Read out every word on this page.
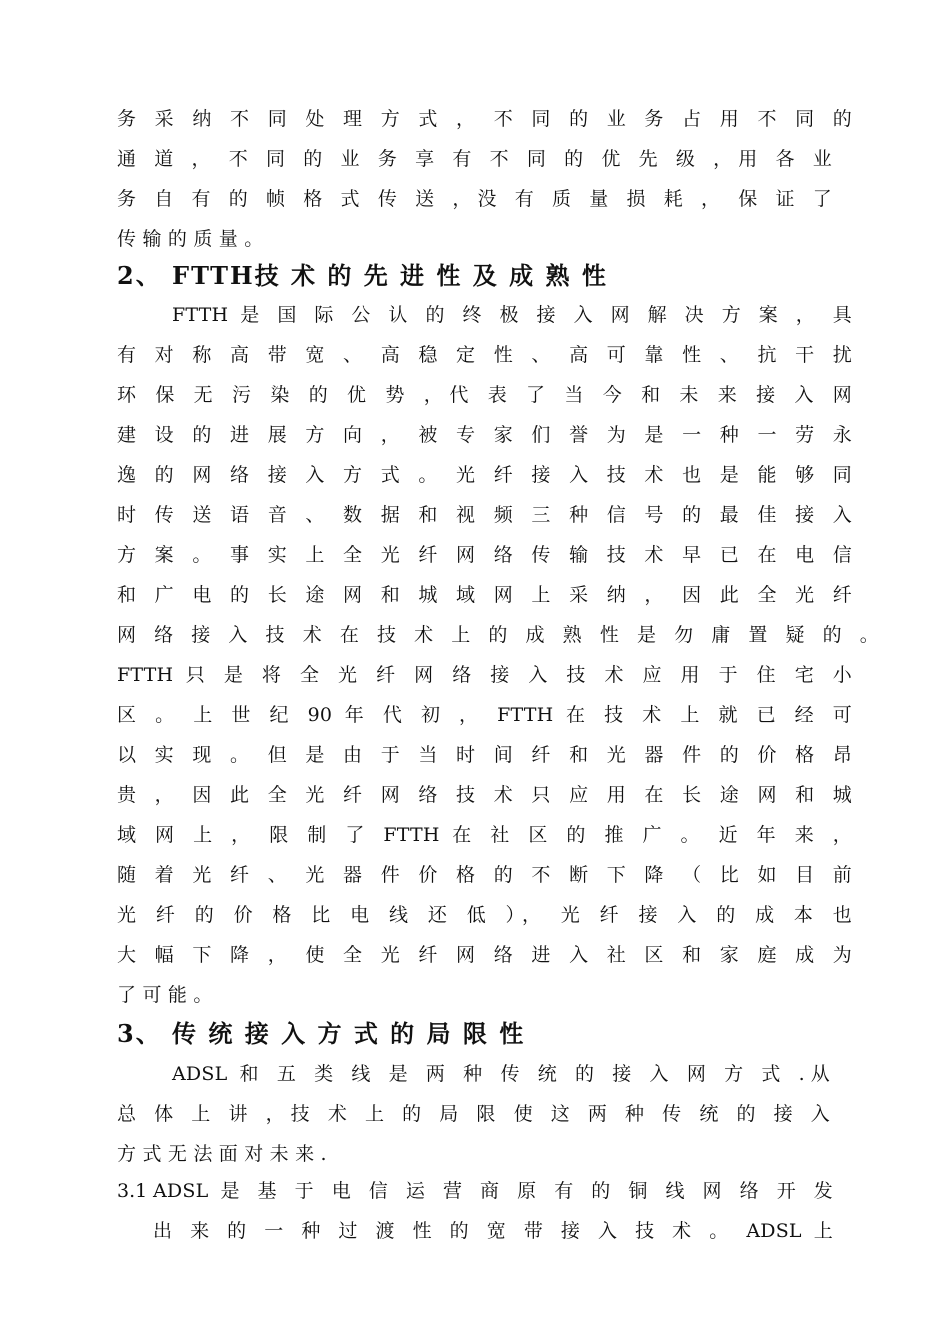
务 采 纳 不 同 处 理 方 式 ， 不 同 的 业 务 占 用 不 同 的
通 道 ， 不 同 的 业 务 享 有 不 同 的 优 先 级 ，用 各 业
务 自 有 的 帧 格 式 传 送 ，没 有 质 量 损 耗 ， 保 证 了
传 输 的 质 量 。
2、 FTTH技 术 的 先 进 性 及 成 熟 性
FTTH 是 国 际 公 认 的 终 极 接 入 网 解 决 方 案 ， 具
有 对 称 高 带 宽 、 高 稳 定 性 、 高 可 靠 性 、 抗 干 扰
环 保 无 污 染 的 优 势 ，代 表 了 当 今 和 未 来 接 入 网
建 设 的 进 展 方 向 ， 被 专 家 们 誉 为 是 一 种 一 劳 永
逸 的 网 络 接 入 方 式 。 光 纤 接 入 技 术 也 是 能 够 同
时 传 送 语 音 、 数 据 和 视 频 三 种 信 号 的 最 佳 接 入
方 案 。 事 实 上 全 光 纤 网 络 传 输 技 术 早 已 在 电 信
和 广 电 的 长 途 网 和 城 域 网 上 采 纳 ， 因 此 全 光 纤
网 络 接 入 技 术 在 技 术 上 的 成 熟 性 是 勿 庸 置 疑 的 。
FTTH 只 是 将 全 光 纤 网 络 接 入 技 术 应 用 于 住 宅 小
区 。 上 世 纪 90 年 代 初 ， FTTH 在 技 术 上 就 已 经 可
以 实 现 。 但 是 由 于 当 时 间 纤 和 光 器 件 的 价 格 昂
贵 ， 因 此 全 光 纤 网 络 技 术 只 应 用 在 长 途 网 和 城
域 网 上 ， 限 制 了 FTTH 在 社 区 的 推 广 。 近 年 来 ，
随 着 光 纤 、 光 器 件 价 格 的 不 断 下 降 （ 比 如 目 前
光 纤 的 价 格 比 电 线 还 低 ）， 光 纤 接 入 的 成 本 也
大 幅 下 降 ， 使 全 光 纤 网 络 进 入 社 区 和 家 庭 成 为
了 可 能 。
3、 传 统 接 入 方 式 的 局 限 性
ADSL 和 五 类 线 是 两 种 传 统 的 接 入 网 方 式 .从
总 体 上 讲 ，技 术 上 的 局 限 使 这 两 种 传 统 的 接 入
方 式 无 法 面 对 未 来 .
3.1 ADSL 是 基 于 电 信 运 营 商 原 有 的 铜 线 网 络 开 发
出 来 的 一 种 过 渡 性 的 宽 带 接 入 技 术 。 ADSL 上
